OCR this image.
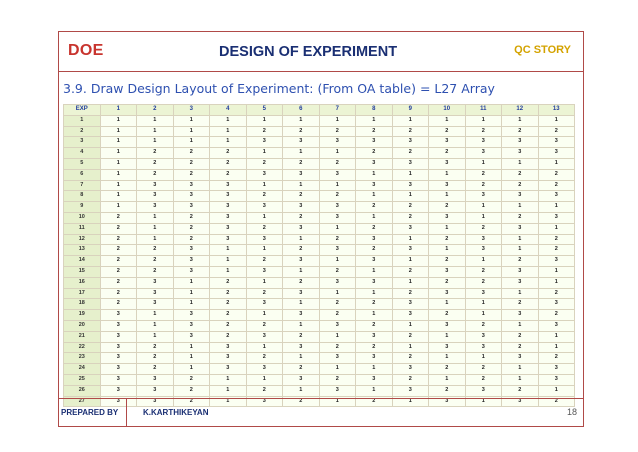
DOE	DESIGN OF EXPERIMENT	QC STORY
3.9. Draw Design Layout of Experiment: (From OA table) = L27 Array
EXP	1	2	3	4	5	6	7	8	9	10	11	12	13
1	1	1	1	1	1	1	1	1	1	1	1	1	1
2	1	1	1	1	2	2	2	2	2	2	2	2	2
3	1	1	1	1	3	3	3	3	3	3	3	3	3
4	1	2	2	2	1	1	1	2	2	2	3	3	3
5	1	2	2	2	2	2	2	3	3	3	1	1	1
6	1	2	2	2	3	3	3	1	1	1	2	2	2
7	1	3	3	3	1	1	1	3	3	3	2	2	2
8	1	3	3	3	2	2	2	1	1	1	3	3	3
9	1	3	3	3	3	3	3	2	2	2	1	1	1
10	2	1	2	3	1	2	3	1	2	3	1	2	3
11	2	1	2	3	2	3	1	2	3	1	2	3	1
12	2	1	2	3	3	1	2	3	1	2	3	1	2
13	2	2	3	1	1	2	3	2	3	1	3	1	2
14	2	2	3	1	2	3	1	3	1	2	1	2	3
15	2	2	3	1	3	1	2	1	2	3	2	3	1
16	2	3	1	2	1	2	3	3	1	2	2	3	1
17	2	3	1	2	2	3	1	1	2	3	3	1	2
18	2	3	1	2	3	1	2	2	3	1	1	2	3
19	3	1	3	2	1	3	2	1	3	2	1	3	2
20	3	1	3	2	2	1	3	2	1	3	2	1	3
21	3	1	3	2	3	2	1	3	2	1	3	2	1
22	3	2	1	3	1	3	2	2	1	3	3	2	1
23	3	2	1	3	2	1	3	3	2	1	1	3	2
24	3	2	1	3	3	2	1	1	3	2	2	1	3
25	3	3	2	1	1	3	2	3	2	1	2	1	3
26	3	3	2	1	2	1	3	1	3	2	3	2	1
27	3	3	2	1	3	2	1	2	1	3	1	3	2
PREPARED BY	K.KARTHIKEYAN	18
